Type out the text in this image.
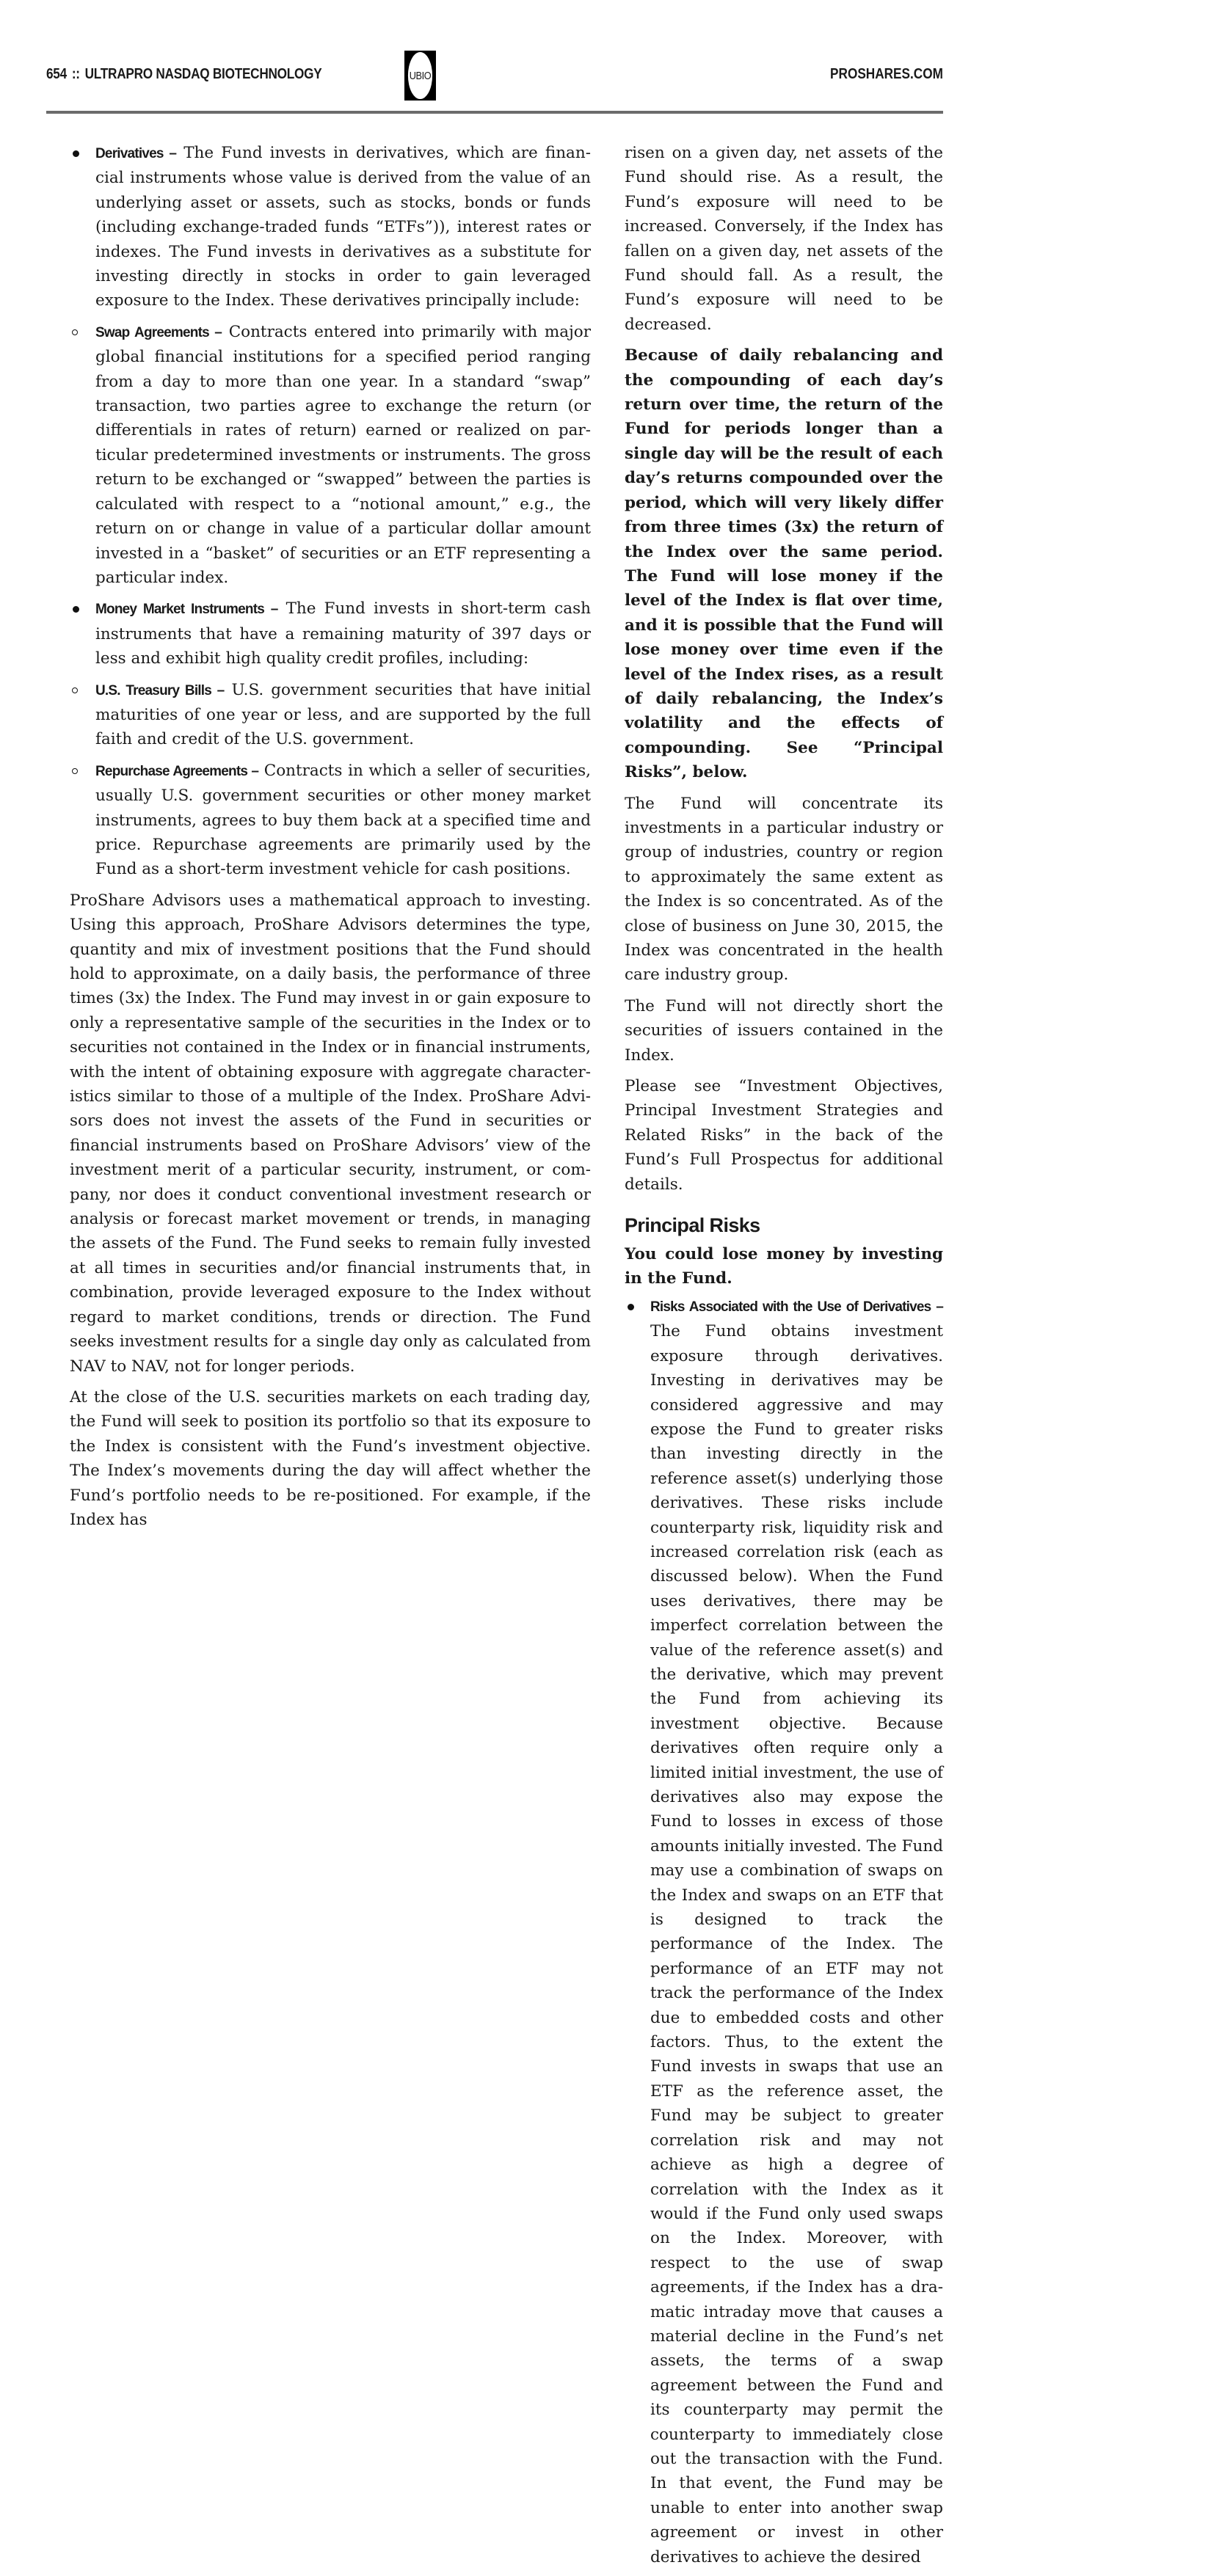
654 :: ULTRAPRO NASDAQ BIOTECHNOLOGY	UBIO	PROSHARES.COM
Derivatives – The Fund invests in derivatives, which are financial instruments whose value is derived from the value of an underlying asset or assets, such as stocks, bonds or funds (including exchange-traded funds “ETFs”)), interest rates or indexes. The Fund invests in derivatives as a substitute for investing directly in stocks in order to gain leveraged exposure to the Index. These derivatives principally include:
Swap Agreements – Contracts entered into primarily with major global financial institutions for a specified period ranging from a day to more than one year. In a standard “swap” transaction, two parties agree to exchange the return (or differentials in rates of return) earned or realized on particular predetermined investments or instruments. The gross return to be exchanged or “swapped” between the parties is calculated with respect to a “notional amount,” e.g., the return on or change in value of a particular dollar amount invested in a “basket” of securities or an ETF representing a particular index.
Money Market Instruments – The Fund invests in short-term cash instruments that have a remaining maturity of 397 days or less and exhibit high quality credit profiles, including:
U.S. Treasury Bills – U.S. government securities that have initial maturities of one year or less, and are supported by the full faith and credit of the U.S. government.
Repurchase Agreements – Contracts in which a seller of securities, usually U.S. government securities or other money market instruments, agrees to buy them back at a specified time and price. Repurchase agreements are primarily used by the Fund as a short-term investment vehicle for cash positions.

ProShare Advisors uses a mathematical approach to investing. Using this approach, ProShare Advisors determines the type, quantity and mix of investment positions that the Fund should hold to approximate, on a daily basis, the performance of three times (3x) the Index. The Fund may invest in or gain exposure to only a representative sample of the securities in the Index or to securities not contained in the Index or in financial instruments, with the intent of obtaining exposure with aggregate characteristics similar to those of a multiple of the Index. ProShare Advisors does not invest the assets of the Fund in securities or financial instruments based on ProShare Advisors’ view of the investment merit of a particular security, instrument, or company, nor does it conduct conventional investment research or analysis or forecast market movement or trends, in managing the assets of the Fund. The Fund seeks to remain fully invested at all times in securities and/or financial instruments that, in combination, provide leveraged exposure to the Index without regard to market conditions, trends or direction. The Fund seeks investment results for a single day only as calculated from NAV to NAV, not for longer periods.

At the close of the U.S. securities markets on each trading day, the Fund will seek to position its portfolio so that its exposure to the Index is consistent with the Fund’s investment objective. The Index’s movements during the day will affect whether the Fund’s portfolio needs to be re-positioned. For example, if the Index has

risen on a given day, net assets of the Fund should rise. As a result, the Fund’s exposure will need to be increased. Conversely, if the Index has fallen on a given day, net assets of the Fund should fall. As a result, the Fund’s exposure will need to be decreased.

Because of daily rebalancing and the compounding of each day’s return over time, the return of the Fund for periods longer than a single day will be the result of each day’s returns compounded over the period, which will very likely differ from three times (3x) the return of the Index over the same period. The Fund will lose money if the level of the Index is flat over time, and it is possible that the Fund will lose money over time even if the level of the Index rises, as a result of daily rebalancing, the Index’s volatility and the effects of compounding. See “Principal Risks”, below.

The Fund will concentrate its investments in a particular industry or group of industries, country or region to approximately the same extent as the Index is so concentrated. As of the close of business on June 30, 2015, the Index was concentrated in the health care industry group.

The Fund will not directly short the securities of issuers contained in the Index.

Please see “Investment Objectives, Principal Investment Strategies and Related Risks” in the back of the Fund’s Full Prospectus for additional details.

Principal Risks

You could lose money by investing in the Fund.

Risks Associated with the Use of Derivatives – The Fund obtains investment exposure through derivatives. Investing in derivatives may be considered aggressive and may expose the Fund to greater risks than investing directly in the reference asset(s) underlying those derivatives. These risks include counterparty risk, liquidity risk and increased correlation risk (each as discussed below). When the Fund uses derivatives, there may be imperfect correlation between the value of the reference asset(s) and the derivative, which may prevent the Fund from achieving its investment objective. Because derivatives often require only a limited initial investment, the use of derivatives also may expose the Fund to losses in excess of those amounts initially invested. The Fund may use a combination of swaps on the Index and swaps on an ETF that is designed to track the performance of the Index. The performance of an ETF may not track the performance of the Index due to embedded costs and other factors. Thus, to the extent the Fund invests in swaps that use an ETF as the reference asset, the Fund may be subject to greater correlation risk and may not achieve as high a degree of correlation with the Index as it would if the Fund only used swaps on the Index. Moreover, with respect to the use of swap agreements, if the Index has a dramatic intraday move that causes a material decline in the Fund’s net assets, the terms of a swap agreement between the Fund and its counterparty may permit the counterparty to immediately close out the transaction with the Fund. In that event, the Fund may be unable to enter into another swap agreement or invest in other derivatives to achieve the desired
